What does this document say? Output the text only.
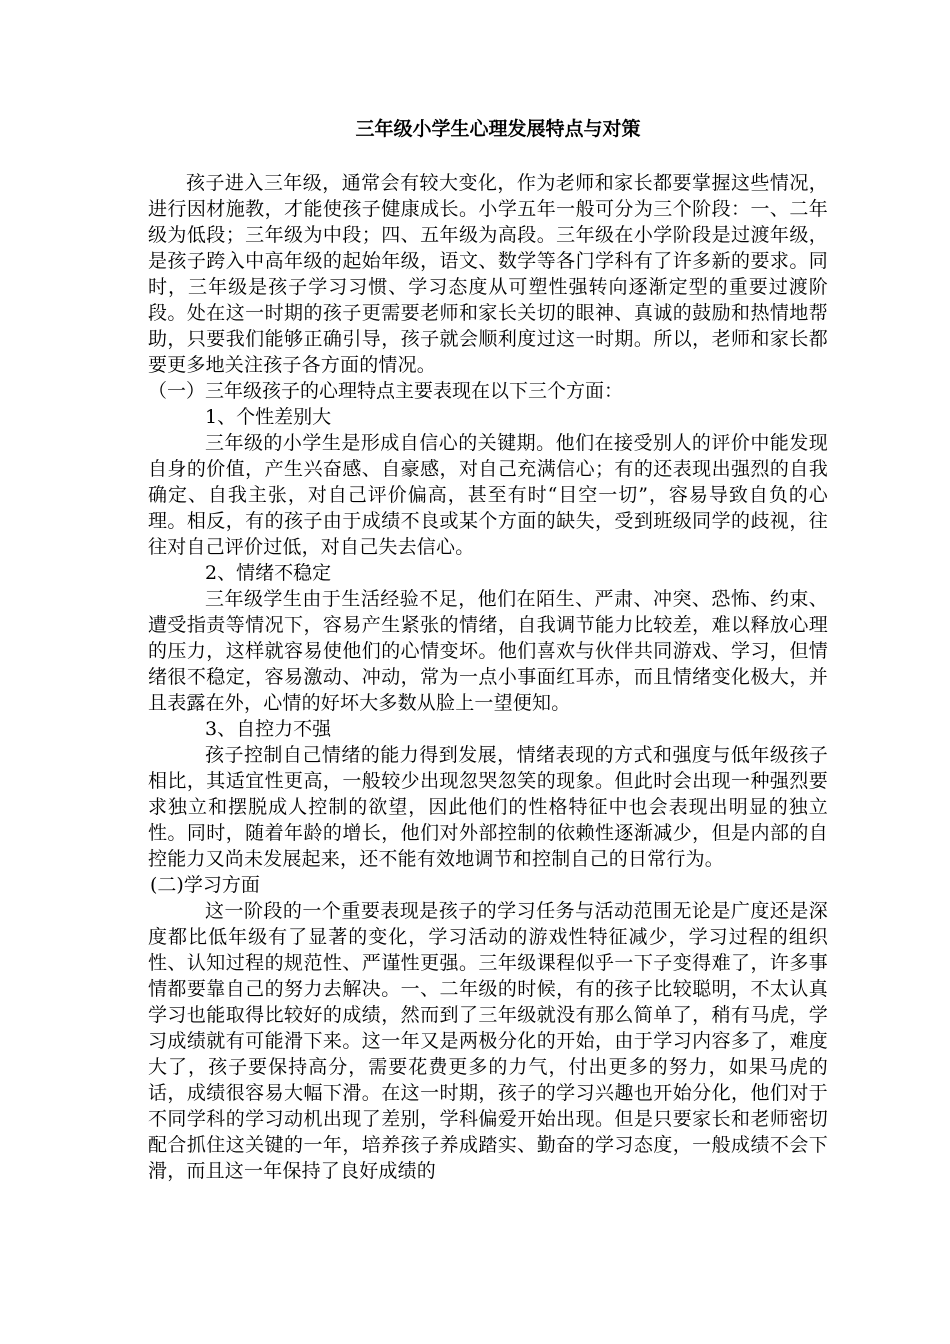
三年级小学生心理发展特点与对策

孩子进入三年级，通常会有较大变化，作为老师和家长都要掌握这些情况，进行因材施教，才能使孩子健康成长。小学五年一般可分为三个阶段：一、二年级为低段；三年级为中段；四、五年级为高段。三年级在小学阶段是过渡年级，是孩子跨入中高年级的起始年级，语文、数学等各门学科有了许多新的要求。同时，三年级是孩子学习习惯、学习态度从可塑性强转向逐渐定型的重要过渡阶段。处在这一时期的孩子更需要老师和家长关切的眼神、真诚的鼓励和热情地帮助，只要我们能够正确引导，孩子就会顺利度过这一时期。所以，老师和家长都要更多地关注孩子各方面的情况。

（一）三年级孩子的心理特点主要表现在以下三个方面：

1、个性差别大

三年级的小学生是形成自信心的关键期。他们在接受别人的评价中能发现自身的价值，产生兴奋感、自豪感，对自己充满信心；有的还表现出强烈的自我确定、自我主张，对自己评价偏高，甚至有时“目空一切”，容易导致自负的心理。相反，有的孩子由于成绩不良或某个方面的缺失，受到班级同学的歧视，往往对自己评价过低，对自己失去信心。

2、情绪不稳定

三年级学生由于生活经验不足，他们在陌生、严肃、冲突、恐怖、约束、遭受指责等情况下，容易产生紧张的情绪，自我调节能力比较差，难以释放心理的压力，这样就容易使他们的心情变坏。他们喜欢与伙伴共同游戏、学习，但情绪很不稳定，容易激动、冲动，常为一点小事面红耳赤，而且情绪变化极大，并且表露在外，心情的好坏大多数从脸上一望便知。

3、自控力不强

孩子控制自己情绪的能力得到发展，情绪表现的方式和强度与低年级孩子相比，其适宜性更高，一般较少出现忽哭忽笑的现象。但此时会出现一种强烈要求独立和摆脱成人控制的欲望，因此他们的性格特征中也会表现出明显的独立性。同时，随着年龄的增长，他们对外部控制的依赖性逐渐减少，但是内部的自控能力又尚未发展起来，还不能有效地调节和控制自己的日常行为。

(二)学习方面

这一阶段的一个重要表现是孩子的学习任务与活动范围无论是广度还是深度都比低年级有了显著的变化，学习活动的游戏性特征减少，学习过程的组织性、认知过程的规范性、严谨性更强。三年级课程似乎一下子变得难了，许多事情都要靠自己的努力去解决。一、二年级的时候，有的孩子比较聪明，不太认真学习也能取得比较好的成绩，然而到了三年级就没有那么简单了，稍有马虎，学习成绩就有可能滑下来。这一年又是两极分化的开始，由于学习内容多了，难度大了，孩子要保持高分，需要花费更多的力气，付出更多的努力，如果马虎的话，成绩很容易大幅下滑。在这一时期，孩子的学习兴趣也开始分化，他们对于不同学科的学习动机出现了差别，学科偏爱开始出现。但是只要家长和老师密切配合抓住这关键的一年，培养孩子养成踏实、勤奋的学习态度，一般成绩不会下滑，而且这一年保持了良好成绩的
